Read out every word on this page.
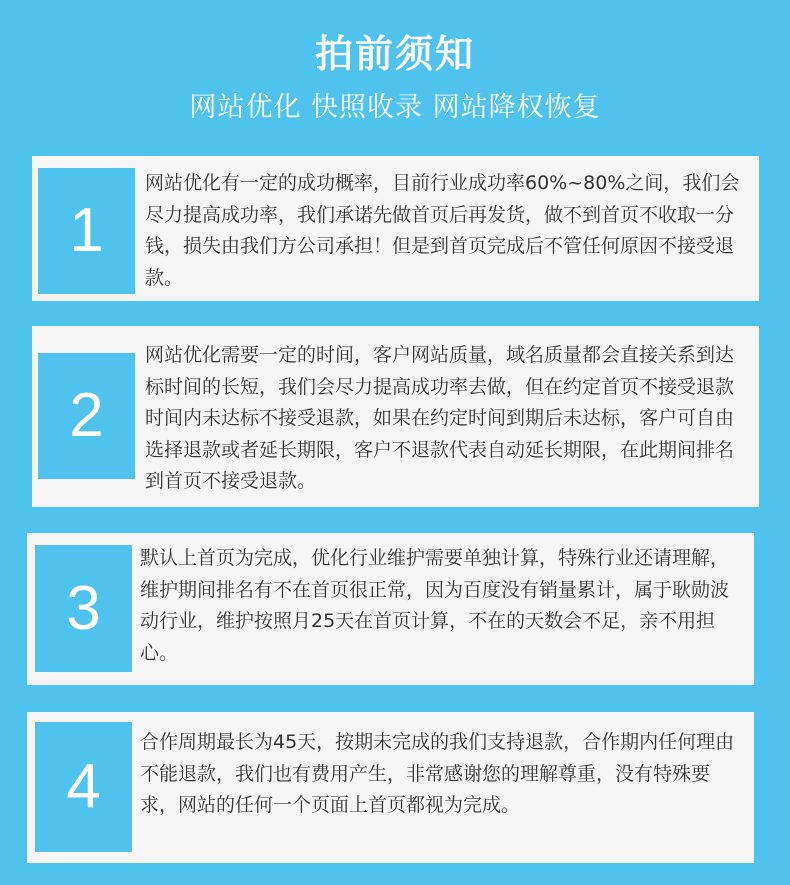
拍前须知
网站优化 快照收录 网站降权恢复
1

网站优化有一定的成功概率，目前行业成功率60%~80%之间，我们会尽力提高成功率，我们承诺先做首页后再发货，做不到首页不收取一分钱，损失由我们方公司承担！但是到首页完成后不管任何原因不接受退款。

2

网站优化需要一定的时间，客户网站质量，域名质量都会直接关系到达标时间的长短，我们会尽力提高成功率去做，但在约定首页不接受退款时间内未达标不接受退款，如果在约定时间到期后未达标，客户可自由选择退款或者延长期限，客户不退款代表自动延长期限，在此期间排名到首页不接受退款。

3

默认上首页为完成，优化行业维护需要单独计算，特殊行业还请理解，维护期间排名有不在首页很正常，因为百度没有销量累计，属于耿勋波动行业，维护按照月25天在首页计算，不在的天数会不足，亲不用担心。

4

合作周期最长为45天，按期未完成的我们支持退款，合作期内任何理由不能退款，我们也有费用产生，非常感谢您的理解尊重，没有特殊要求，网站的任何一个页面上首页都视为完成。
